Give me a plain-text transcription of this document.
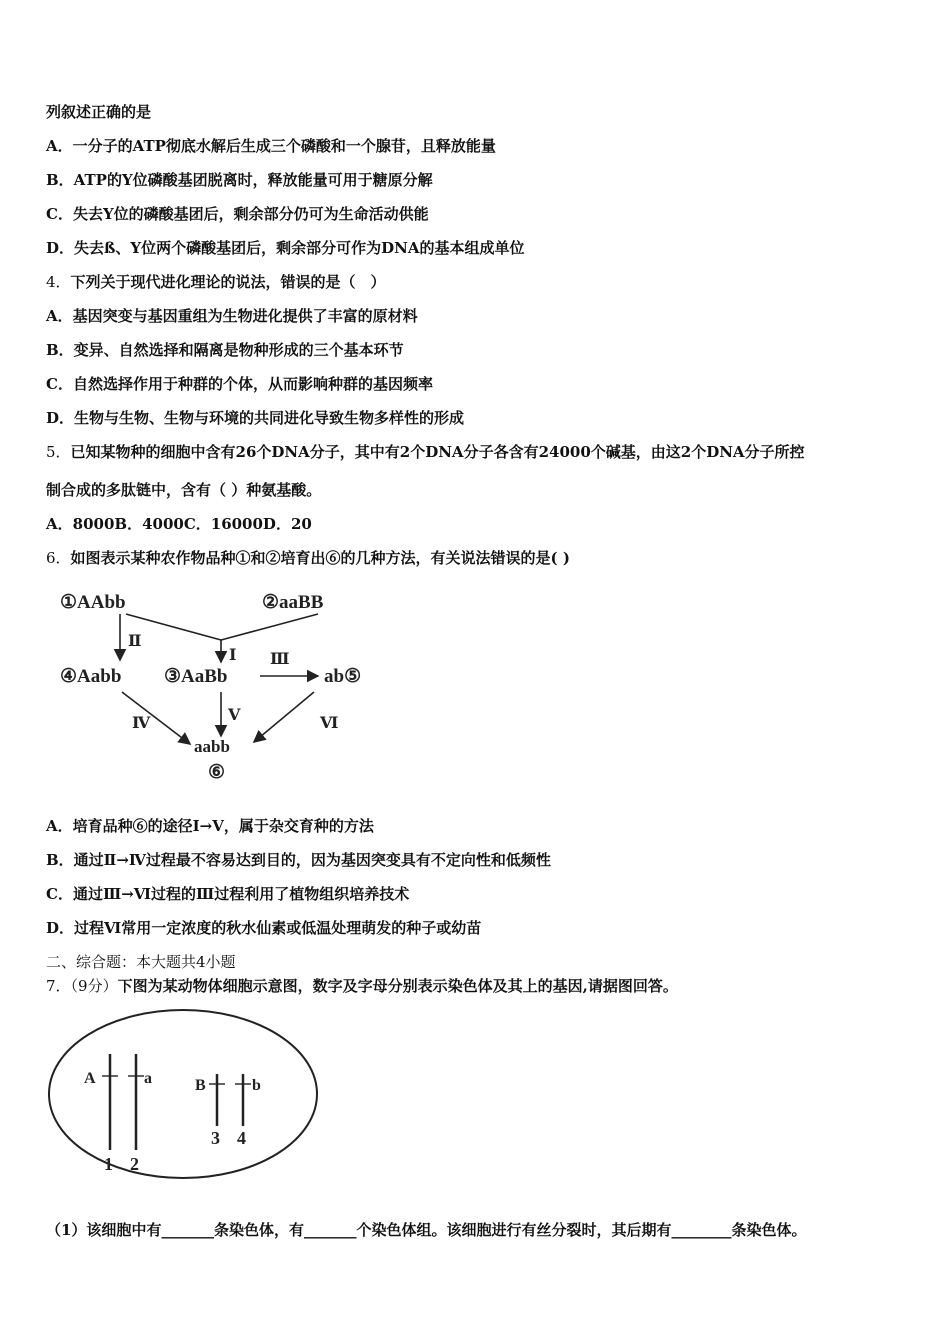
列叙述正确的是
A．一分子的ATP彻底水解后生成三个磷酸和一个腺苷，且释放能量
B．ATP的Y位磷酸基团脱离时，释放能量可用于糖原分解
C．失去Y位的磷酸基团后，剩余部分仍可为生命活动供能
D．失去ß、Y位两个磷酸基团后，剩余部分可作为DNA的基本组成单位
4．下列关于现代进化理论的说法，错误的是（　）
A．基因突变与基因重组为生物进化提供了丰富的原材料
B．变异、自然选择和隔离是物种形成的三个基本环节
C．自然选择作用于种群的个体，从而影响种群的基因频率
D．生物与生物、生物与环境的共同进化导致生物多样性的形成
5．已知某物种的细胞中含有26个DNA分子，其中有2个DNA分子各含有24000个碱基，由这2个DNA分子所控
制合成的多肽链中，含有（ ）种氨基酸。
A．8000B．4000C．16000D．20
6．如图表示某种农作物品种①和②培育出⑥的几种方法，有关说法错误的是( )
①AAbb	②aaBB
Ⅱ
Ⅰ
④Aabb ③AaBb
Ⅲ
ab⑤
Ⅳ	Ⅴ	Ⅵ
aabb
⑥
A．培育品种⑥的途径Ⅰ→V，属于杂交育种的方法
B．通过Ⅱ→Ⅳ过程最不容易达到目的，因为基因突变具有不定向性和低频性
C．通过Ⅲ→Ⅵ过程的Ⅲ过程利用了植物组织培养技术
D．过程Ⅵ常用一定浓度的秋水仙素或低温处理萌发的种子或幼苗
二、综合题：本大题共4小题
7．（9分）下图为某动物体细胞示意图，数字及字母分别表示染色体及其上的基因,请据图回答。
A
1
a
2
B
3
b
4
（1）该细胞中有_______条染色体，有_______个染色体组。该细胞进行有丝分裂时，其后期有________条染色体。
